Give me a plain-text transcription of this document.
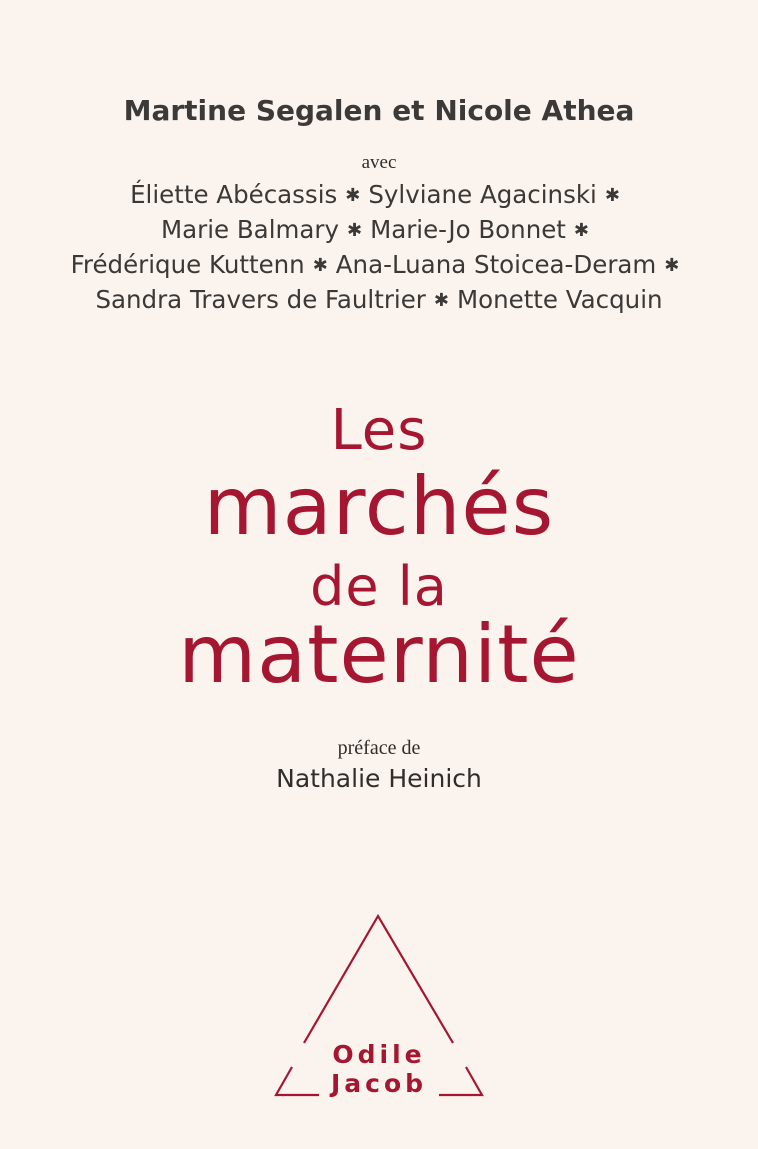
Martine Segalen et Nicole Athea
avec
Éliette Abécassis ✱ Sylviane Agacinski ✱
Marie Balmary ✱ Marie-Jo Bonnet ✱
Frédérique Kuttenn ✱ Ana-Luana Stoicea-Deram ✱
Sandra Travers de Faultrier ✱ Monette Vacquin
Les
marchés
de la
maternité
préface de
Nathalie Heinich
Odile
Jacob
